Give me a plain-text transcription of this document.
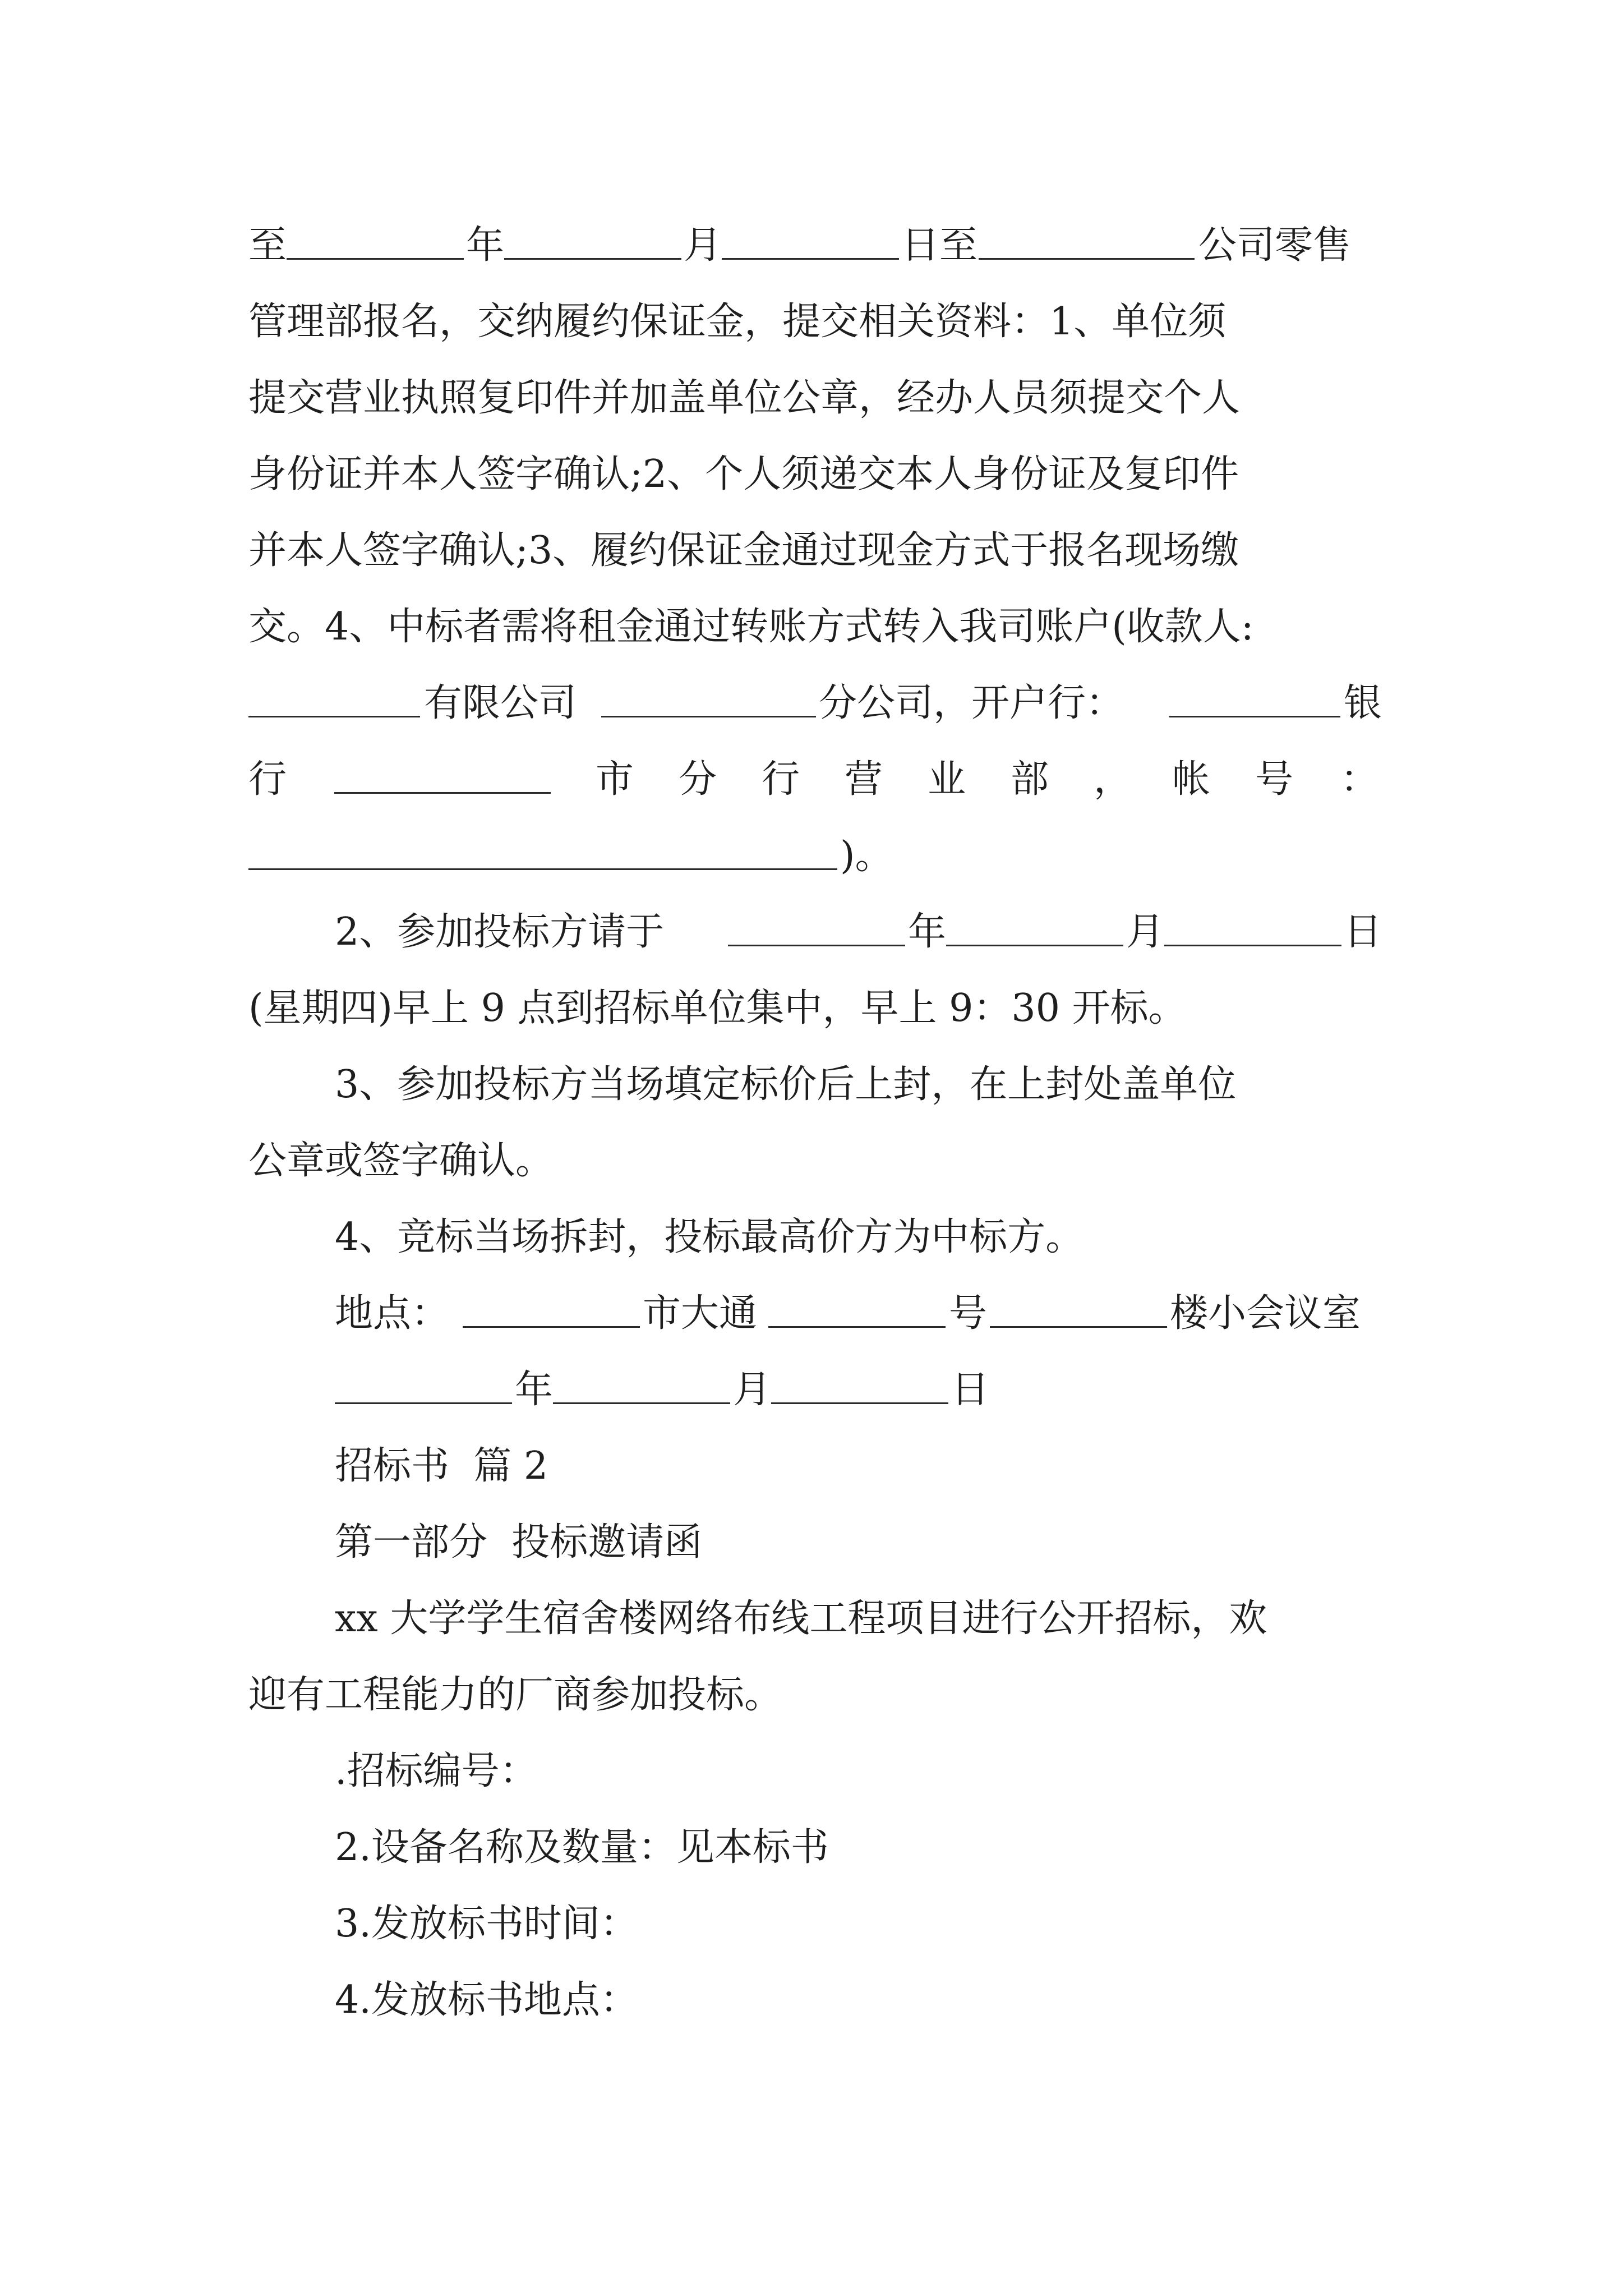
至	年	月	日至	公司零售
管理部报名，交纳履约保证金，提交相关资料：1、单位须
提交营业执照复印件并加盖单位公章，经办人员须提交个人
身份证并本人签字确认;2、个人须递交本人身份证及复印件
并本人签字确认;3、履约保证金通过现金方式于报名现场缴
交。4、中标者需将租金通过转账方式转入我司账户(收款人:
有限公司	分公司，开户行：	银
行	市 分 行 营 业 部 ， 帐 号 ：
)。
2、参加投标方请于	年	月	日
(星期四)早上 9 点到招标单位集中，早上 9：30 开标。
3、参加投标方当场填定标价后上封，在上封处盖单位
公章或签字确认。
4、竞标当场拆封，投标最高价方为中标方。
地点：	市大通	号	楼小会议室
年	月	日
招标书  篇 2
第一部分  投标邀请函
xx 大学学生宿舍楼网络布线工程项目进行公开招标，欢
迎有工程能力的厂商参加投标。
.招标编号：
2.设备名称及数量：见本标书
3.发放标书时间：
4.发放标书地点：
